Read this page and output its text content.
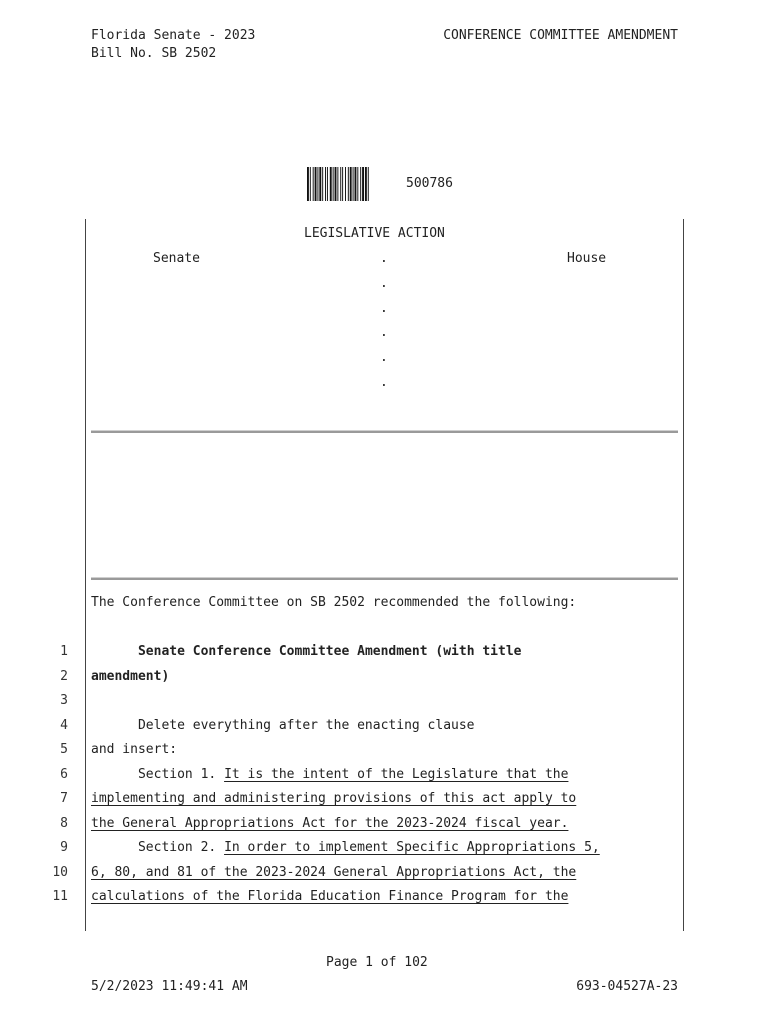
Florida Senate - 2023
Bill No. SB 2502
CONFERENCE COMMITTEE AMENDMENT
500786
LEGISLATIVE ACTION
Senate	House
.
.
.
.
.
.
The Conference Committee on SB 2502 recommended the following:
1	Senate Conference Committee Amendment (with title
2 amendment)
3
4 Delete everything after the enacting clause
5 and insert:
6 Section 1. It is the intent of the Legislature that the
7 implementing and administering provisions of this act apply to
8 the General Appropriations Act for the 2023-2024 fiscal year.
9 Section 2. In order to implement Specific Appropriations 5,
10 6, 80, and 81 of the 2023-2024 General Appropriations Act, the
11 calculations of the Florida Education Finance Program for the
Page 1 of 102
5/2/2023 11:49:41 AM	693-04527A-23
